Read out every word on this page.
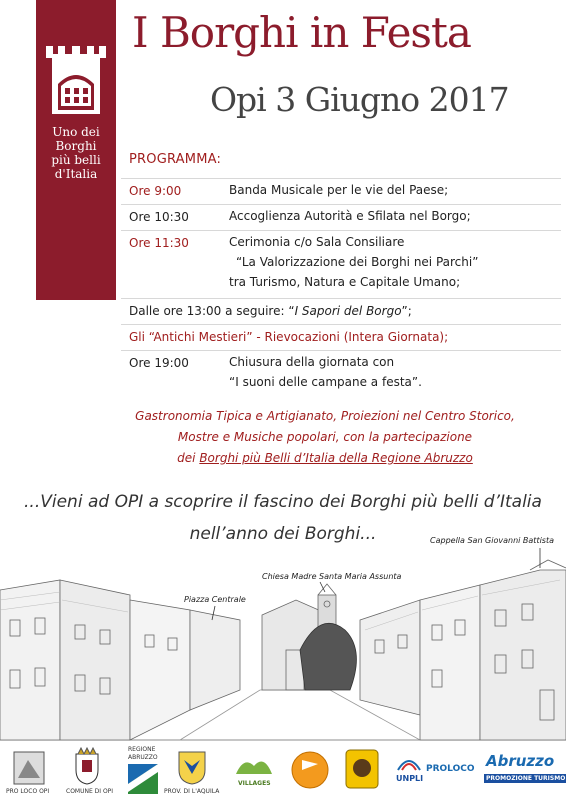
Uno dei
Borghi
più belli
d'Italia
I Borghi in Festa
Opi 3 Giugno 2017
PROGRAMMA:
Ore 9:00	Banda Musicale per le vie del Paese;
Ore 10:30	Accoglienza Autorità e Sfilata nel Borgo;
Ore 11:30	Cerimonia c/o Sala Consiliare
“La Valorizzazione dei Borghi nei Parchi”
tra Turismo, Natura e Capitale Umano;
Dalle ore 13:00 a seguire: “I Sapori del Borgo”;
Gli “Antichi Mestieri” - Rievocazioni (Intera Giornata);
Ore 19:00	Chiusura della giornata con
“I suoni delle campane a festa”.
Gastronomia Tipica e Artigianato, Proiezioni nel Centro Storico,
Mostre e Musiche popolari, con la partecipazione
dei Borghi più Belli d’Italia della Regione Abruzzo
...Vieni ad OPI a scoprire il fascino dei Borghi più belli d’Italia
nell’anno dei Borghi...	Cappella San Giovanni Battista
Chiesa Madre Santa Maria Assunta
Piazza Centrale
PRO LOCO OPI	COMUNE DI OPI
REGIONE
ABRUZZO
PROV. DI L'AQUILA
VILLAGES
UNPLI
PROLOCO Abruzzo
PROMOZIONE TURISMO
